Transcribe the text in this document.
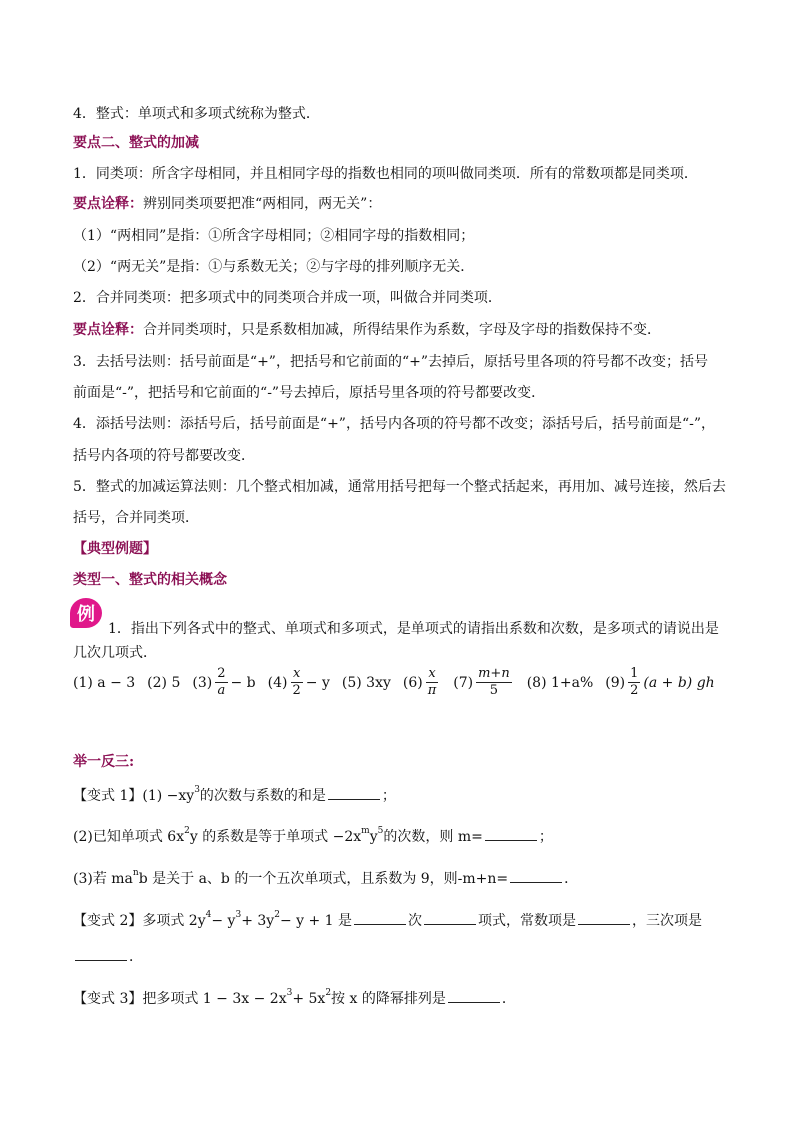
4．整式：单项式和多项式统称为整式．
要点二、整式的加减
1．同类项：所含字母相同，并且相同字母的指数也相同的项叫做同类项．所有的常数项都是同类项．
要点诠释：辨别同类项要把准“两相同，两无关”：
（1）“两相同”是指：①所含字母相同；②相同字母的指数相同；
（2）“两无关”是指：①与系数无关；②与字母的排列顺序无关．
2．合并同类项：把多项式中的同类项合并成一项，叫做合并同类项．
要点诠释：合并同类项时，只是系数相加减，所得结果作为系数，字母及字母的指数保持不变．
3．去括号法则：括号前面是“+”，把括号和它前面的“+”去掉后，原括号里各项的符号都不改变；括号
前面是“-”，把括号和它前面的“-”号去掉后，原括号里各项的符号都要改变．
4．添括号法则：添括号后，括号前面是“+”，括号内各项的符号都不改变；添括号后，括号前面是“-”，
括号内各项的符号都要改变．
5．整式的加减运算法则：几个整式相加减，通常用括号把每一个整式括起来，再用加、减号连接，然后去
括号，合并同类项．
【典型例题】
类型一、整式的相关概念
例
1．指出下列各式中的整式、单项式和多项式，是单项式的请指出系数和次数，是多项式的请说出是
几次几项式．
(1) a − 3 (2) 5 $(3) \frac{2}{a} - b$ $(4) \frac{x}{2} - y$ (5) 3xy $(6) \frac{x}{\pi} (7) \frac{m+n}{5} (8)$ 1+a% $(9) \frac{1}{2} (a + b)$ gh
举一反三:
【变式 1】$(1) -xy^3$的次数与系数的和是	；
(2)已知单项式 $6x^2y$ 的系数是等于单项式 $-2x^my^5$的次数，则 m=	；
(3)若 $ma^nb$ 是关于 a、b 的一个五次单项式，且系数为 9，则-m+n=	．
【变式 2】多项式 $2y^4- y^3+ 3y^2- y + 1$ 是	次	项式，常数项是	，三次项是
．
【变式 3】把多项式 $1 - 3x - 2x^3+ 5x^2$按 x 的降幂排列是	．
